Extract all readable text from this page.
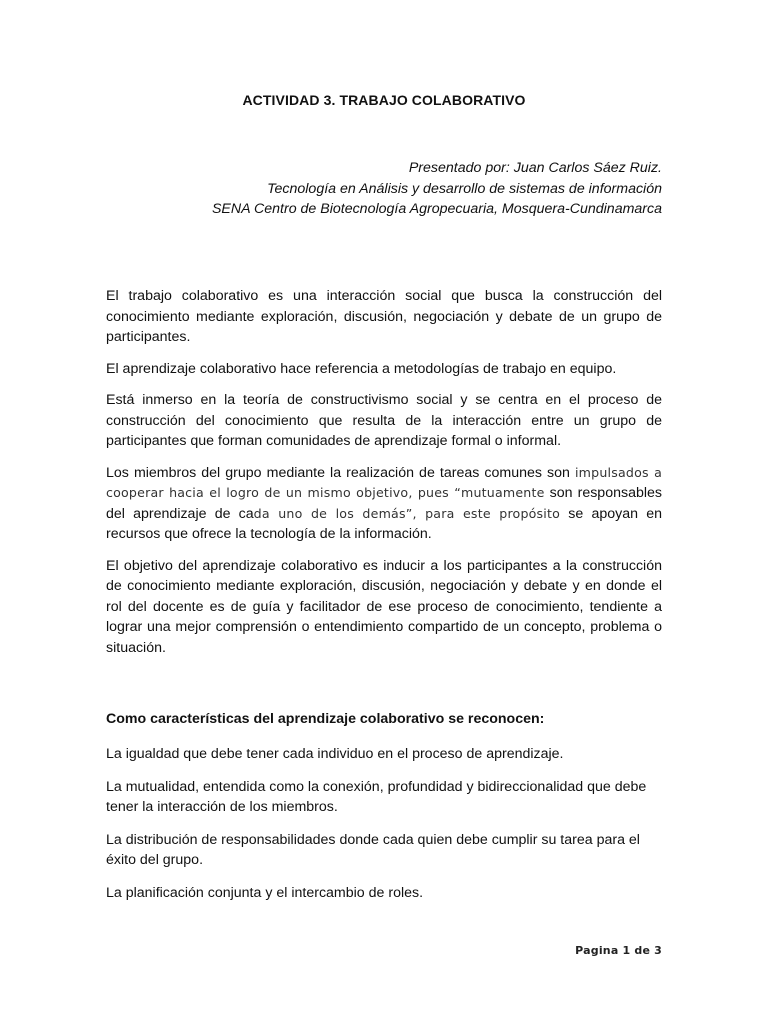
ACTIVIDAD 3. TRABAJO COLABORATIVO
Presentado por: Juan Carlos Sáez Ruiz.
Tecnología en Análisis y desarrollo de sistemas de información
SENA Centro de Biotecnología Agropecuaria, Mosquera-Cundinamarca

El trabajo colaborativo es una interacción social que busca la construcción del conocimiento mediante exploración, discusión, negociación y debate de un grupo de participantes.

El aprendizaje colaborativo hace referencia a metodologías de trabajo en equipo.

Está inmerso en la teoría de constructivismo social y se centra en el proceso de construcción del conocimiento que resulta de la interacción entre un grupo de participantes que forman comunidades de aprendizaje formal o informal.

Los miembros del grupo mediante la realización de tareas comunes son impulsados a cooperar hacia el logro de un mismo objetivo, pues “mutuamente son responsables del aprendizaje de cada uno de los demás”, para este propósito se apoyan en recursos que ofrece la tecnología de la información.

El objetivo del aprendizaje colaborativo es inducir a los participantes a la construcción de conocimiento mediante exploración, discusión, negociación y debate y en donde el rol del docente es de guía y facilitador de ese proceso de conocimiento, tendiente a lograr una mejor comprensión o entendimiento compartido de un concepto, problema o situación.

Como características del aprendizaje colaborativo se reconocen:

La igualdad que debe tener cada individuo en el proceso de aprendizaje.

La mutualidad, entendida como la conexión, profundidad y bidireccionalidad que debe tener la interacción de los miembros.

La distribución de responsabilidades donde cada quien debe cumplir su tarea para el éxito del grupo.

La planificación conjunta y el intercambio de roles.

Pagina 1 de 3
